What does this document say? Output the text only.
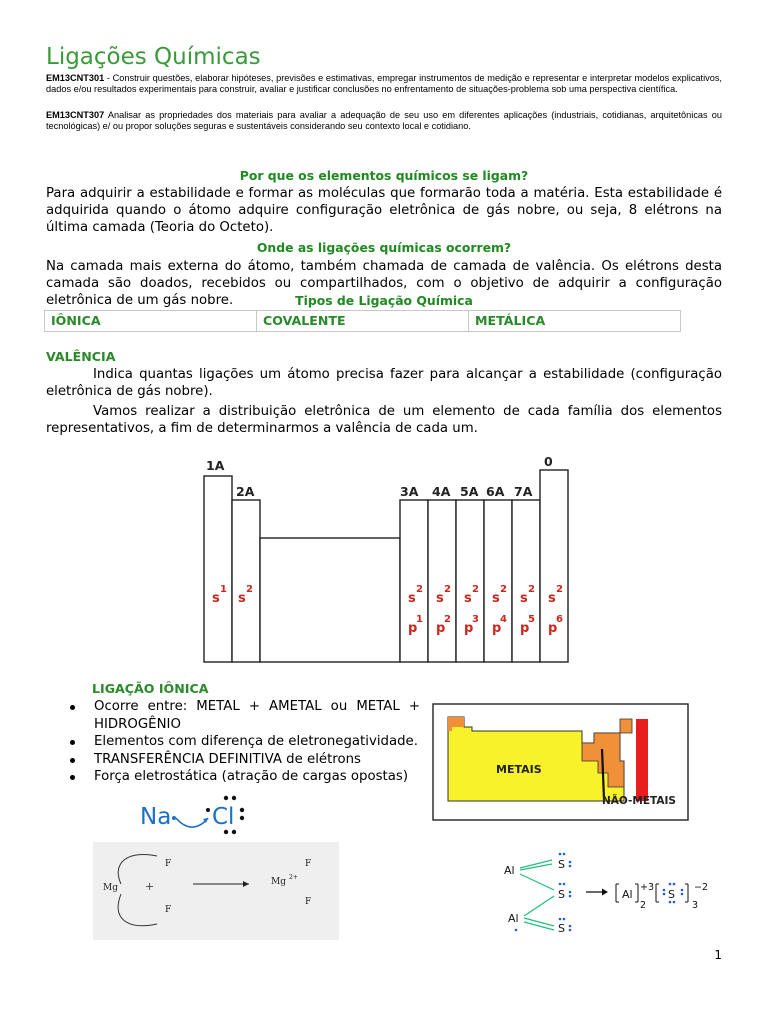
Ligações Químicas
EM13CNT301 - Construir questões, elaborar hipóteses, previsões e estimativas, empregar instrumentos de medição e representar e interpretar modelos explicativos, dados e/ou resultados experimentais para construir, avaliar e justificar conclusões no enfrentamento de situações-problema sob uma perspectiva científica.
EM13CNT307 Analisar as propriedades dos materiais para avaliar a adequação de seu uso em diferentes aplicações (industriais, cotidianas, arquitetônicas ou tecnológicas) e/ ou propor soluções seguras e sustentáveis considerando seu contexto local e cotidiano.
Por que os elementos químicos se ligam?
Para adquirir a estabilidade e formar as moléculas que formarão toda a matéria. Esta estabilidade é adquirida quando o átomo adquire configuração eletrônica de gás nobre, ou seja, 8 elétrons na última camada (Teoria do Octeto).
Onde as ligações químicas ocorrem?
Na camada mais externa do átomo, também chamada de camada de valência. Os elétrons desta camada são doados, recebidos ou compartilhados, com o objetivo de adquirir a configuração eletrônica de um gás nobre.	Tipos de Ligação Química
IÔNICA	COVALENTE	METÁLICA
VALÊNCIA
Indica quantas ligações um átomo precisa fazer para alcançar a estabilidade (configuração eletrônica de gás nobre).
Vamos realizar a distribuição eletrônica de um elemento de cada família dos elementos representativos, a fim de determinarmos a valência de cada um.
1A
2A	3A 4A 5A 6A 7A
0
s s	s s s s s s
1 2	2 2 2 2 2 2
p p p p p p
1 2 3 4 5 6
LIGAÇÃO IÔNICA
Ocorre entre: METAL + AMETAL ou METAL + HIDROGÊNIO
Elementos com diferença de eletronegatividade.
TRANSFERÊNCIA DEFINITIVA de elétrons
Força eletrostática (atração de cargas opostas)	METAIS
NÃO-METAIS
Na Cl
Mg
F
F
+	Mg 2+
F
F
Al
Al
S
S
S
Al
+3
2
S
−2
3
1
